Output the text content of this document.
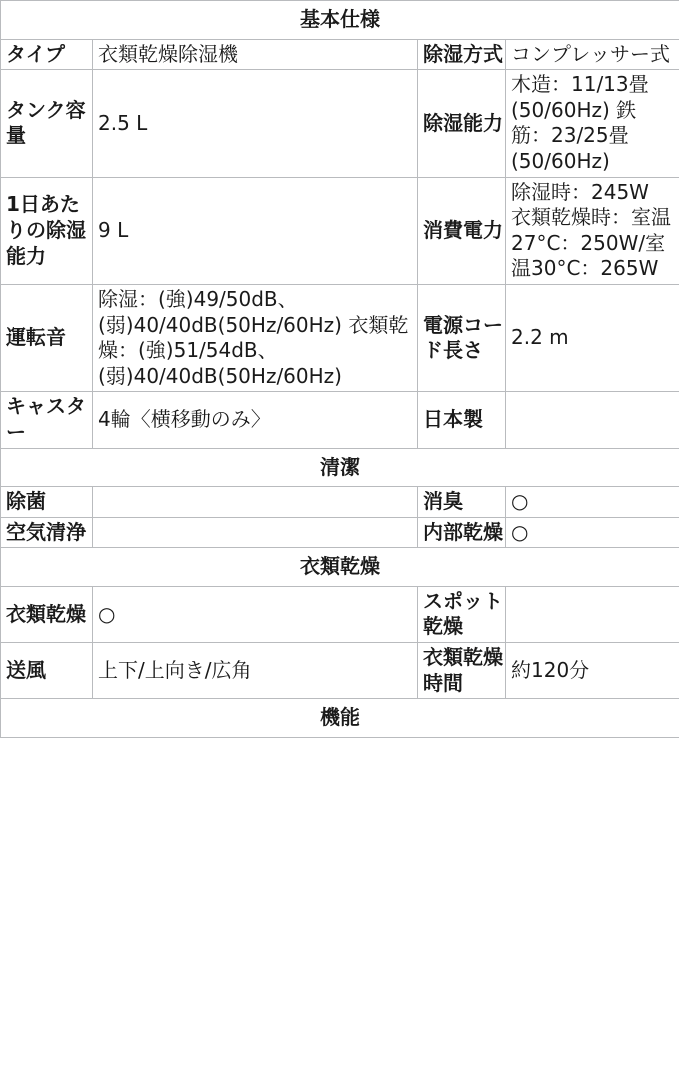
基本仕様			
タイプ	衣類乾燥除湿機	除湿方式	コンプレッサー式
タンク容量	2.5 L	除湿能力	木造：11/13畳(50/60Hz) 鉄筋：23/25畳(50/60Hz)
1日あたりの除湿能力	9 L	消費電力	除湿時：245W 衣類乾燥時：室温27°C：250W/室温30°C：265W
運転音	除湿：(強)49/50dB、(弱)40/40dB(50Hz/60Hz) 衣類乾燥：(強)51/54dB、(弱)40/40dB(50Hz/60Hz)	電源コード長さ	2.2 m
キャスター	4輪〈横移動のみ〉	日本製	
清潔			
除菌		消臭	○
空気清浄		内部乾燥	○
衣類乾燥			
衣類乾燥	○	スポット乾燥	
送風	上下/上向き/広角	衣類乾燥時間	約120分
機能			
